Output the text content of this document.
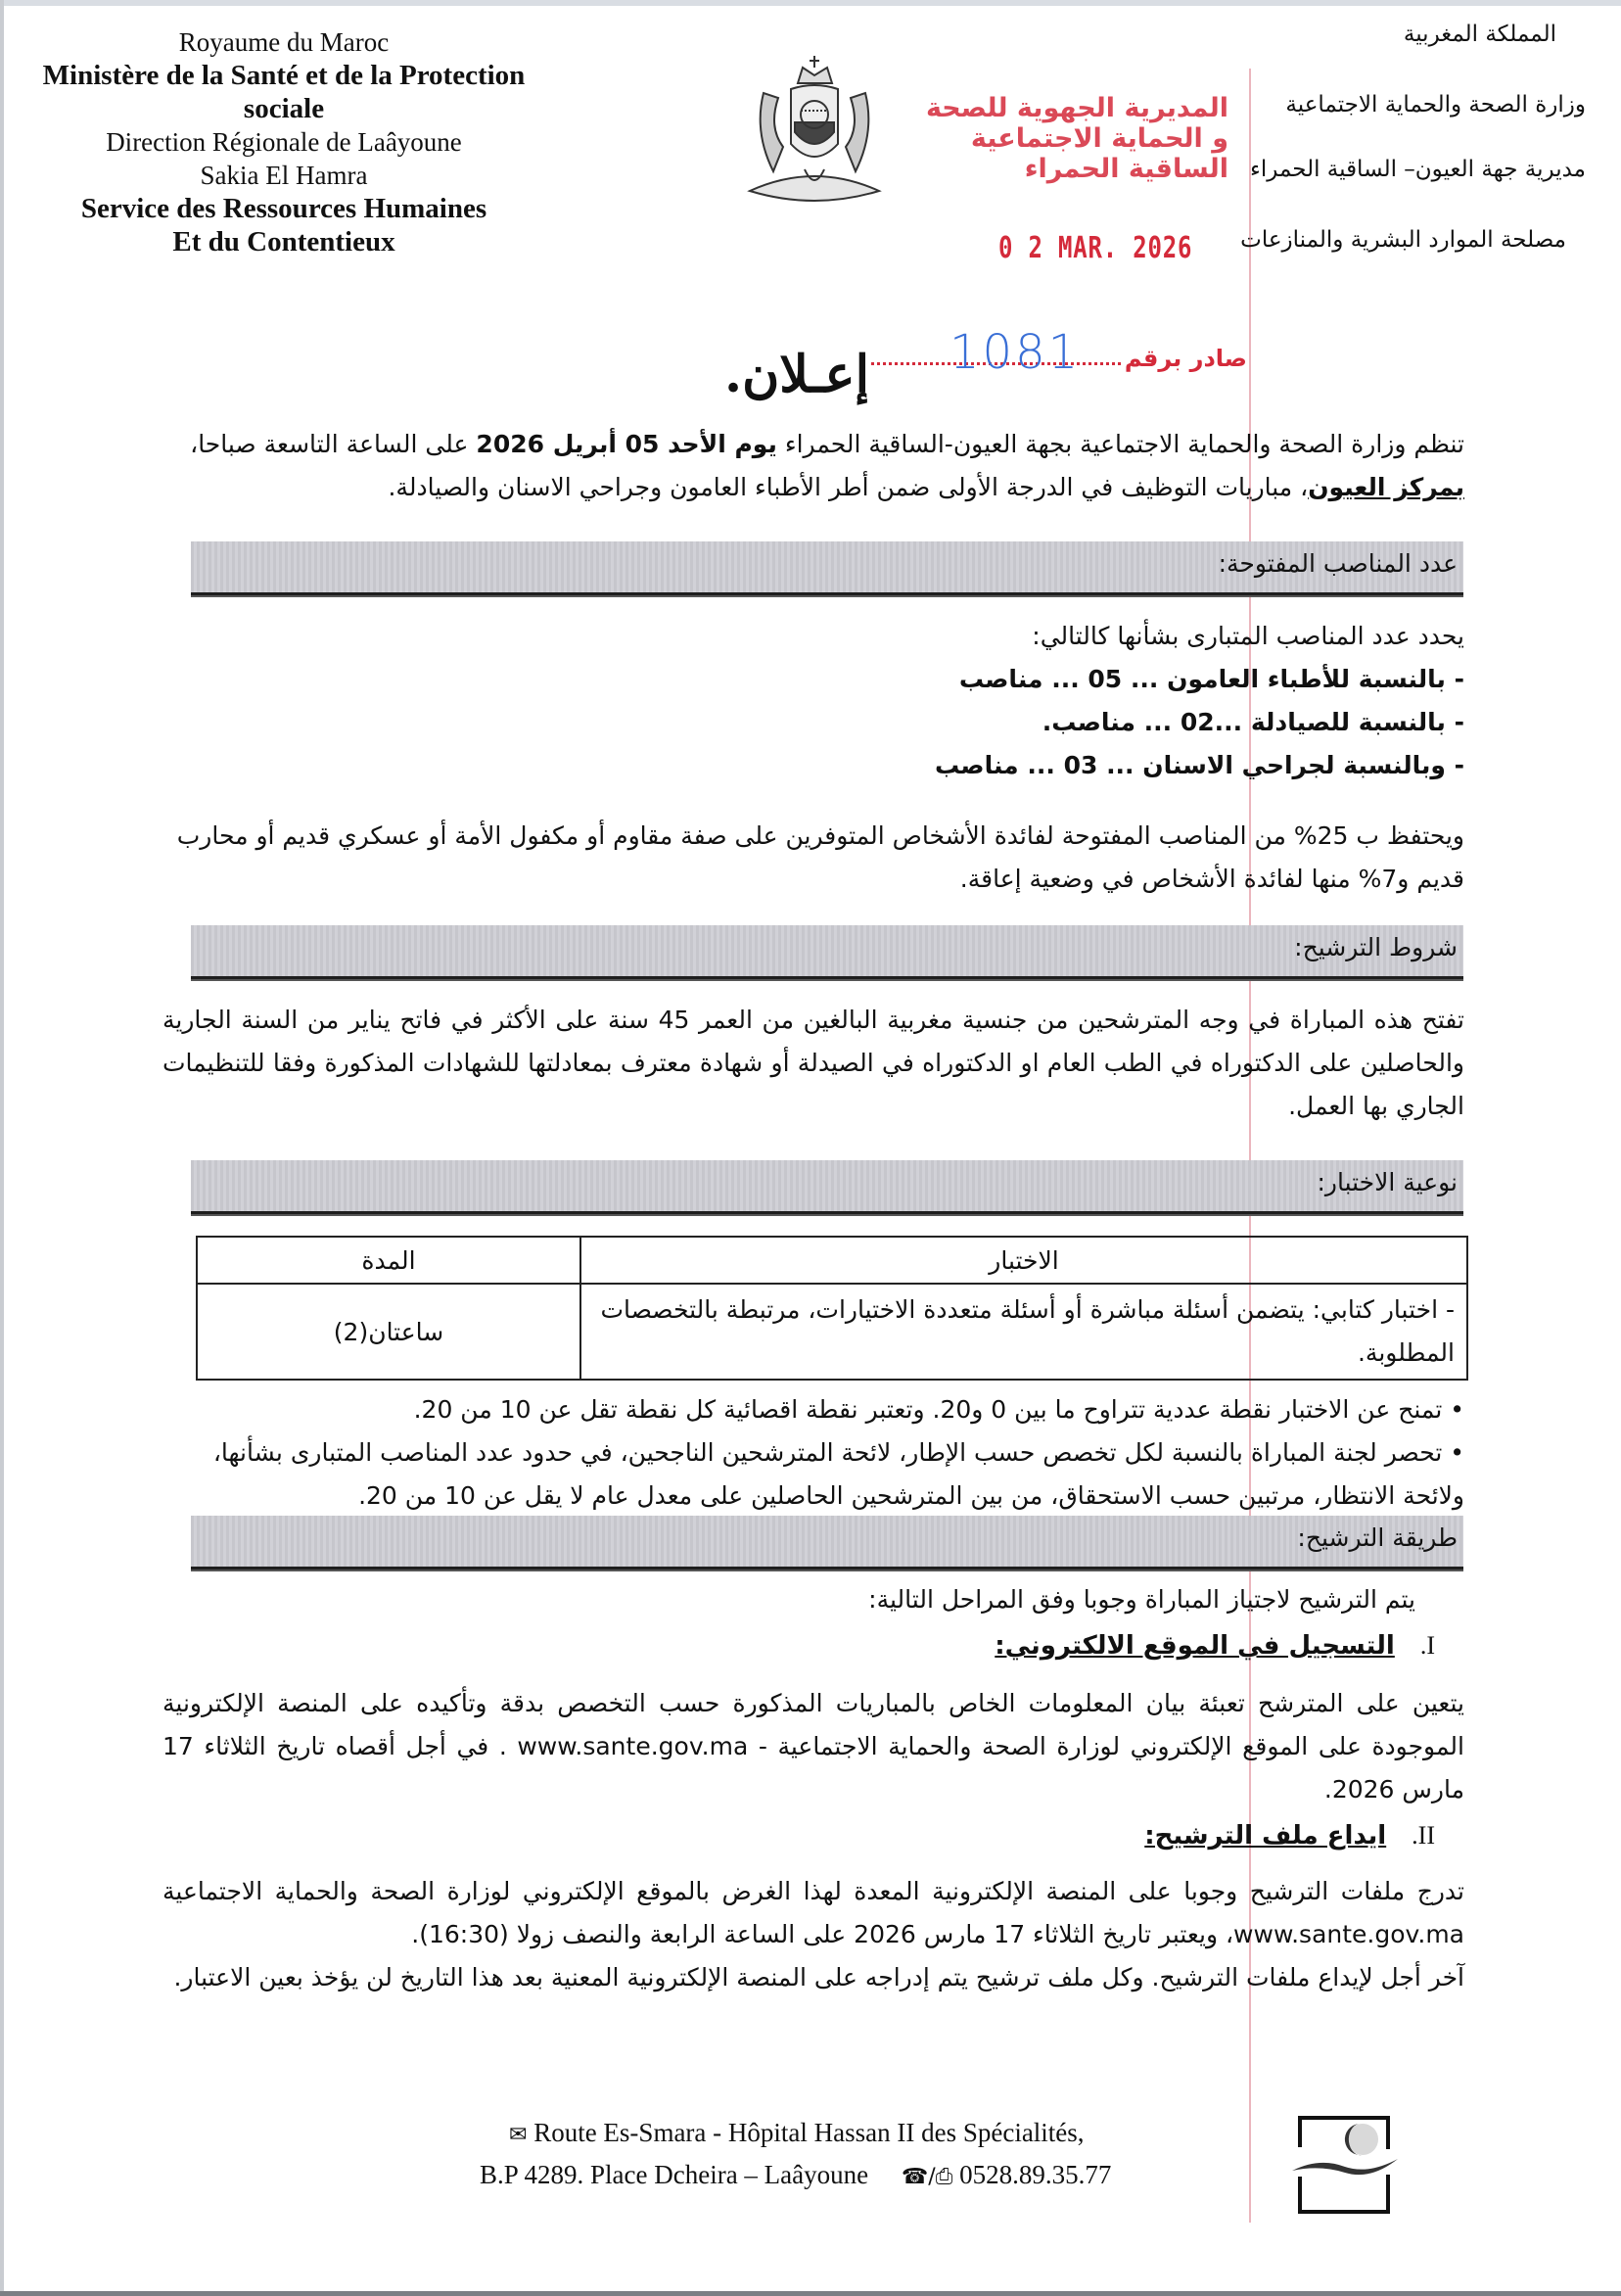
Royaume du Maroc
Ministère de la Santé et de la Protection
sociale
Direction Régionale de Laâyoune
Sakia El Hamra
Service des Ressources Humaines
Et du Contentieux
المملكة المغربية
وزارة الصحة والحماية الاجتماعية
مديرية جهة العيون– الساقية الحمراء
مصلحة الموارد البشرية والمنازعات
المديرية الجهوية للصحة
و الحماية الاجتماعية
الساقية الحمراء
0 2 MAR. 2026
1081 صادر برقم
إعـلان.
تنظم وزارة الصحة والحماية الاجتماعية بجهة العيون-الساقية الحمراء يوم الأحد 05 أبريل 2026 على الساعة التاسعة صباحا،
بمركز العيون، مباريات التوظيف في الدرجة الأولى ضمن أطر الأطباء العامون وجراحي الاسنان والصيادلة.
عدد المناصب المفتوحة:
يحدد عدد المناصب المتبارى بشأنها كالتالي:
- بالنسبة للأطباء العامون ... 05 ... مناصب
- بالنسبة للصيادلة ...02 ... مناصب.
- وبالنسبة لجراحي الاسنان ... 03 ... مناصب
ويحتفظ ب 25% من المناصب المفتوحة لفائدة الأشخاص المتوفرين على صفة مقاوم أو مكفول الأمة أو عسكري قديم أو محارب
قديم و7% منها لفائدة الأشخاص في وضعية إعاقة.
شروط الترشيح:
تفتح هذه المباراة في وجه المترشحين من جنسية مغربية البالغين من العمر 45 سنة على الأكثر في فاتح يناير من السنة الجارية والحاصلين على الدكتوراه في الطب العام او الدكتوراه في الصيدلة أو شهادة معترف بمعادلتها للشهادات المذكورة وفقا للتنظيمات الجاري بها العمل.
نوعية الاختبار:
الاختبار	المدة
- اختبار كتابي: يتضمن أسئلة مباشرة أو أسئلة متعددة الاختيارات، مرتبطة بالتخصصات المطلوبة.	ساعتان(2)
• تمنح عن الاختبار نقطة عددية تتراوح ما بين 0 و20. وتعتبر نقطة اقصائية كل نقطة تقل عن 10 من 20.
• تحصر لجنة المباراة بالنسبة لكل تخصص حسب الإطار، لائحة المترشحين الناجحين، في حدود عدد المناصب المتبارى بشأنها، ولائحة الانتظار، مرتبين حسب الاستحقاق، من بين المترشحين الحاصلين على معدل عام لا يقل عن 10 من 20.
طريقة الترشيح:
يتم الترشيح لاجتياز المباراة وجوبا وفق المراحل التالية:
I.التسجيل في الموقع الالكتروني:
يتعين على المترشح تعبئة بيان المعلومات الخاص بالمباريات المذكورة حسب التخصص بدقة وتأكيده على المنصة الإلكترونية الموجودة على الموقع الإلكتروني لوزارة الصحة والحماية الاجتماعية - www.sante.gov.ma . في أجل أقصاه تاريخ الثلاثاء 17 مارس 2026.
II.ايداع ملف الترشيح:
تدرج ملفات الترشيح وجوبا على المنصة الإلكترونية المعدة لهذا الغرض بالموقع الإلكتروني لوزارة الصحة والحماية الاجتماعية www.sante.gov.ma، ويعتبر تاريخ الثلاثاء 17 مارس 2026 على الساعة الرابعة والنصف زولا (16:30).
آخر أجل لإيداع ملفات الترشيح. وكل ملف ترشيح يتم إدراجه على المنصة الإلكترونية المعنية بعد هذا التاريخ لن يؤخذ بعين الاعتبار.
✉ Route Es-Smara - Hôpital Hassan II des Spécialités,
B.P 4289. Place Dcheira – Laâyoune ☎/⎙ 0528.89.35.77
